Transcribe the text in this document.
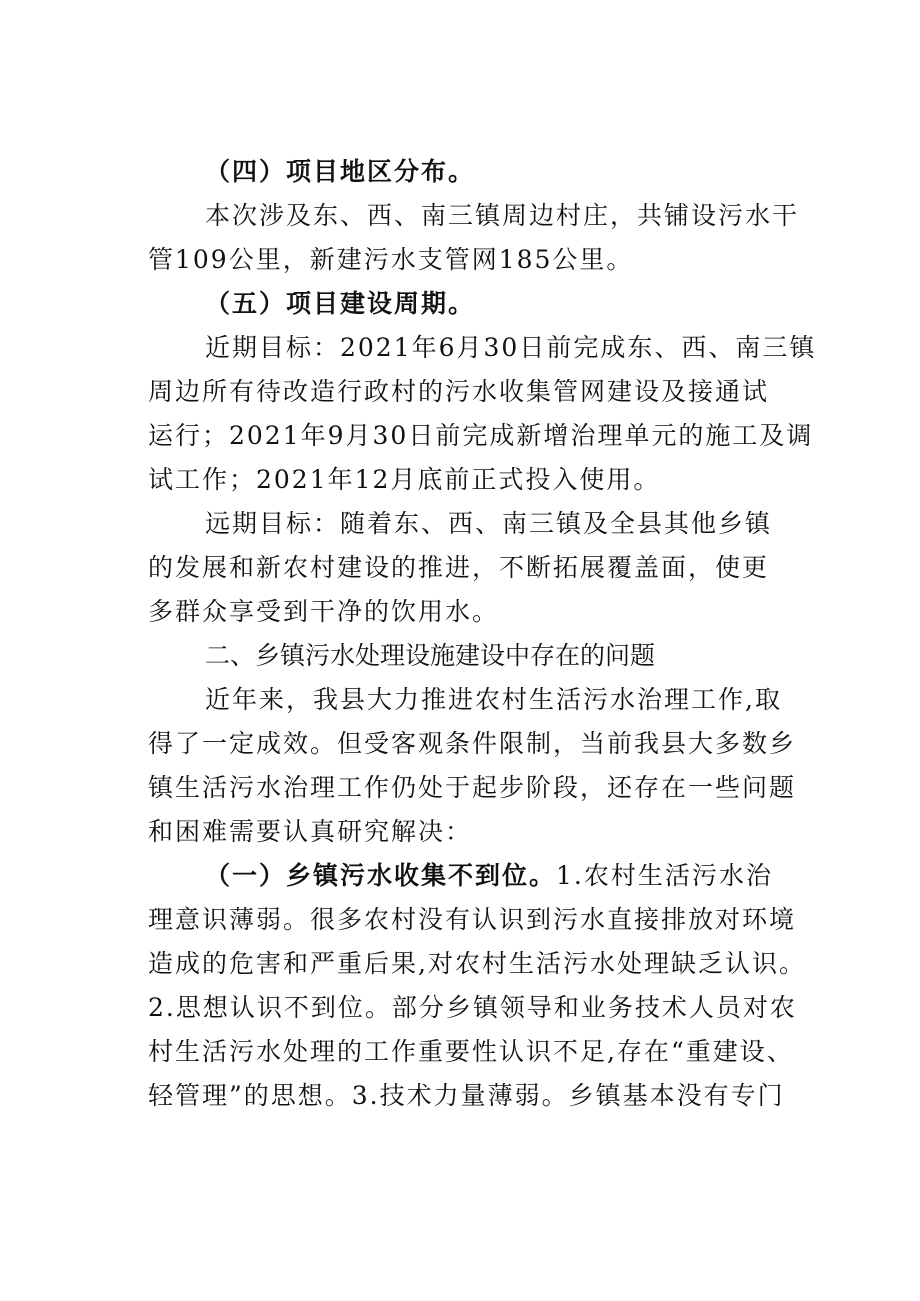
（四）项目地区分布。
本次涉及东、西、南三镇周边村庄，共铺设污水干
管109公里，新建污水支管网185公里。
（五）项目建设周期。
近期目标：2021年6月30日前完成东、西、南三镇
周边所有待改造行政村的污水收集管网建设及接通试
运行；2021年9月30日前完成新增治理单元的施工及调
试工作；2021年12月底前正式投入使用。
远期目标：随着东、西、南三镇及全县其他乡镇
的发展和新农村建设的推进，不断拓展覆盖面，使更
多群众享受到干净的饮用水。
二、乡镇污水处理设施建设中存在的问题
近年来，我县大力推进农村生活污水治理工作,取
得了一定成效。但受客观条件限制，当前我县大多数乡
镇生活污水治理工作仍处于起步阶段，还存在一些问题
和困难需要认真研究解决：
（一）乡镇污水收集不到位。1.农村生活污水治
理意识薄弱。很多农村没有认识到污水直接排放对环境
造成的危害和严重后果,对农村生活污水处理缺乏认识。
2.思想认识不到位。部分乡镇领导和业务技术人员对农
村生活污水处理的工作重要性认识不足,存在“重建设、
轻管理”的思想。3.技术力量薄弱。乡镇基本没有专门
